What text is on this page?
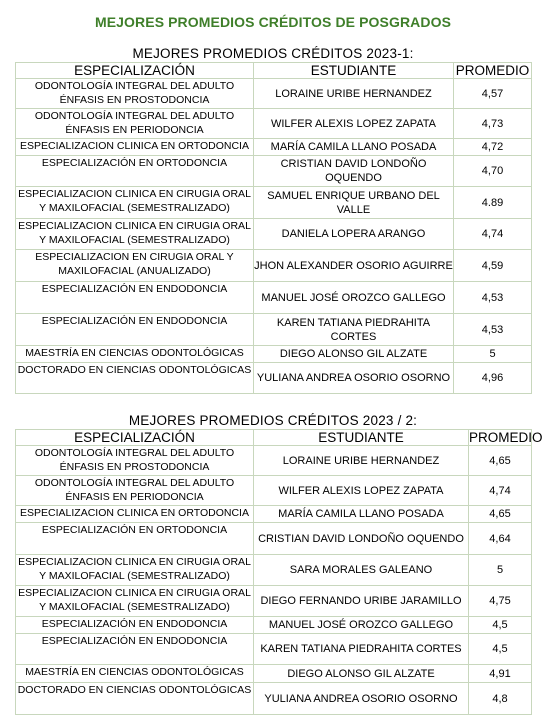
MEJORES PROMEDIOS CRÉDITOS DE POSGRADOS
MEJORES PROMEDIOS CRÉDITOS 2023-1:
ESPECIALIZACIÓN	ESTUDIANTE	PROMEDIO
ODONTOLOGÍA INTEGRAL DEL ADULTO ÉNFASIS EN PROSTODONCIA	LORAINE URIBE HERNANDEZ	4,57
ODONTOLOGÍA INTEGRAL DEL ADULTO ÉNFASIS EN PERIODONCIA	WILFER ALEXIS LOPEZ ZAPATA	4,73
ESPECIALIZACION CLINICA EN ORTODONCIA	MARÍA CAMILA LLANO POSADA	4,72
ESPECIALIZACIÓN EN ORTODONCIA	CRISTIAN DAVID LONDOÑO OQUENDO	4,70
ESPECIALIZACION CLINICA EN CIRUGIA ORAL Y MAXILOFACIAL (SEMESTRALIZADO)	SAMUEL ENRIQUE URBANO DEL VALLE	4.89
ESPECIALIZACION CLINICA EN CIRUGIA ORAL Y MAXILOFACIAL (SEMESTRALIZADO)	DANIELA LOPERA ARANGO	4,74
ESPECIALIZACION EN CIRUGIA ORAL Y MAXILOFACIAL (ANUALIZADO)	JHON ALEXANDER OSORIO AGUIRRE	4,59
ESPECIALIZACIÓN EN ENDODONCIA	MANUEL JOSÉ OROZCO GALLEGO	4,53
ESPECIALIZACIÓN EN ENDODONCIA	KAREN TATIANA PIEDRAHITA CORTES	4,53
MAESTRÍA EN CIENCIAS ODONTOLÓGICAS	DIEGO ALONSO GIL ALZATE	5
DOCTORADO EN CIENCIAS ODONTOLÓGICAS	YULIANA ANDREA OSORIO OSORNO	4,96
MEJORES PROMEDIOS CRÉDITOS 2023 / 2:
ESPECIALIZACIÓN	ESTUDIANTE	PROMEDIO
ODONTOLOGÍA INTEGRAL DEL ADULTO ÉNFASIS EN PROSTODONCIA	LORAINE URIBE HERNANDEZ	4,65
ODONTOLOGÍA INTEGRAL DEL ADULTO ÉNFASIS EN PERIODONCIA	WILFER ALEXIS LOPEZ ZAPATA	4,74
ESPECIALIZACION CLINICA EN ORTODONCIA	MARÍA CAMILA LLANO POSADA	4,65
ESPECIALIZACIÓN EN ORTODONCIA	CRISTIAN DAVID LONDOÑO OQUENDO	4,64
ESPECIALIZACION CLINICA EN CIRUGIA ORAL Y MAXILOFACIAL (SEMESTRALIZADO)	SARA MORALES GALEANO	5
ESPECIALIZACION CLINICA EN CIRUGIA ORAL Y MAXILOFACIAL (SEMESTRALIZADO)	DIEGO FERNANDO URIBE JARAMILLO	4,75
ESPECIALIZACIÓN EN ENDODONCIA	MANUEL JOSÉ OROZCO GALLEGO	4,5
ESPECIALIZACIÓN EN ENDODONCIA	KAREN TATIANA PIEDRAHITA CORTES	4,5
MAESTRÍA EN CIENCIAS ODONTOLÓGICAS	DIEGO ALONSO GIL ALZATE	4,91
DOCTORADO EN CIENCIAS ODONTOLÓGICAS	YULIANA ANDREA OSORIO OSORNO	4,8
